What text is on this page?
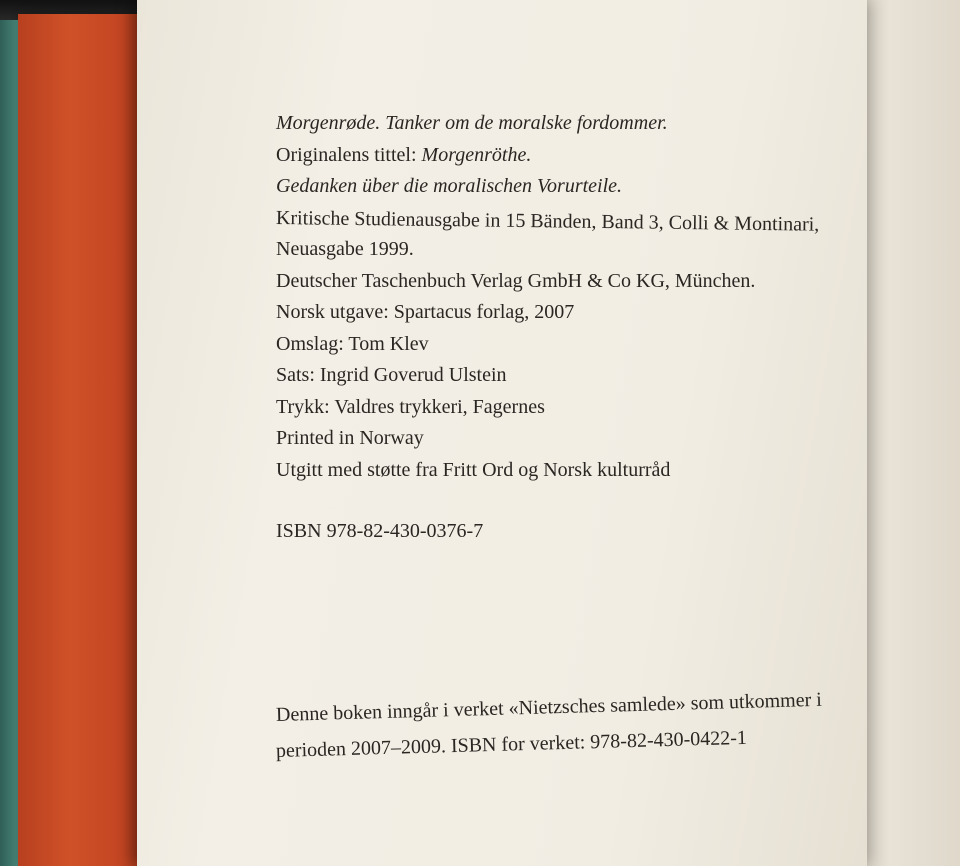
Morgenrøde. Tanker om de moralske fordommer.
Originalens tittel: Morgenröthe.
Gedanken über die moralischen Vorurteile.
Kritische Studienausgabe in 15 Bänden, Band 3, Colli & Montinari,
Neuasgabe 1999.
Deutscher Taschenbuch Verlag GmbH & Co KG, München.
Norsk utgave: Spartacus forlag, 2007
Omslag: Tom Klev
Sats: Ingrid Goverud Ulstein
Trykk: Valdres trykkeri, Fagernes
Printed in Norway
Utgitt med støtte fra Fritt Ord og Norsk kulturråd
ISBN 978-82-430-0376-7
Denne boken inngår i verket «Nietzsches samlede» som utkommer i
perioden 2007–2009. ISBN for verket: 978-82-430-0422-1
